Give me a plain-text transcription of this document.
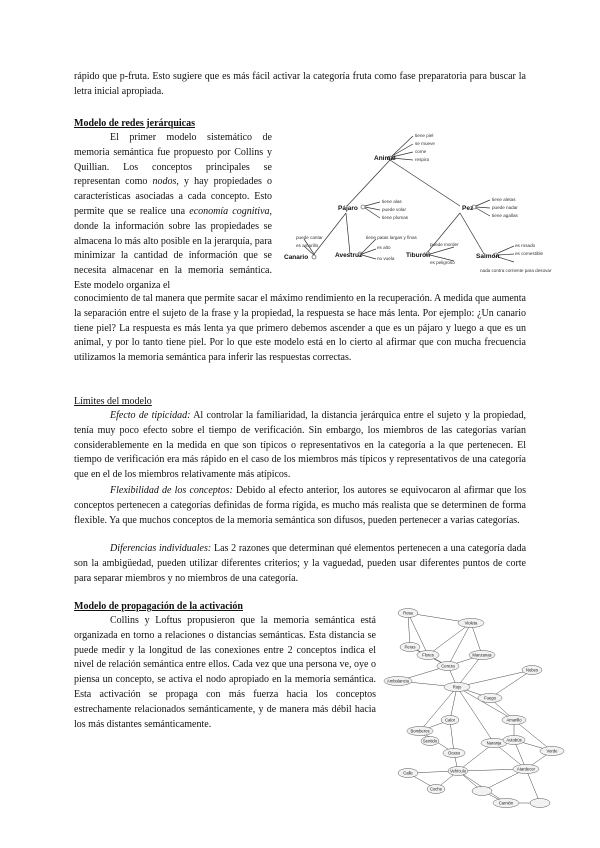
rápido que p-fruta. Esto sugiere que es más fácil activar la categoría fruta como fase preparatoria para buscar la letra inicial apropiada.

Modelo de redes jerárquicas

El primer modelo sistemático de memoria semántica fue propuesto por Collins y Quillian. Los conceptos principales se representan como nodos, y hay propiedades o características asociadas a cada concepto. Esto permite que se realice una economía cognitiva, donde la información sobre las propiedades se almacena lo más alto posible en la jerarquía, para minimizar la cantidad de información que se necesita almacenar en la memoria semántica. Este modelo organiza el

conocimiento de tal manera que permite sacar el máximo rendimiento en la recuperación. A medida que aumenta la separación entre el sujeto de la frase y la propiedad, la respuesta se hace más lenta. Por ejemplo: ¿Un canario tiene piel? La respuesta es más lenta ya que primero debemos ascender a que es un pájaro y luego a que es un animal, y por lo tanto tiene piel. Por lo que este modelo está en lo cierto al afirmar que con mucha frecuencia utilizamos la memoria semántica para inferir las respuestas correctas.

Animal
Pájaro	Pez
Canario	Avestruz	Tiburón	Salmón
tiene piel
se mueve
come
respira
tiene alas
puede volar
tiene plumas
tiene aletas
puede nadar
tiene agallas
puede cantar
es amarillo
tiene patas largas y finas
es alto
no vuela
puede morder
es peligroso
es rosado
es comestible
nada contra corriente para desovar

Límites del modelo

Efecto de tipicidad: Al controlar la familiaridad, la distancia jerárquica entre el sujeto y la propiedad, tenía muy poco efecto sobre el tiempo de verificación. Sin embargo, los miembros de las categorías varían considerablemente en la medida en que son típicos o representativos en la categoría a la que pertenecen. El tiempo de verificación era más rápido en el caso de los miembros más típicos y representativos de una categoría que en el de los miembros relativamente más atípicos.

Flexibilidad de los conceptos: Debido al efecto anterior, los autores se equivocaron al afirmar que los conceptos pertenecen a categorías definidas de forma rígida, es mucho más realista que se determinen de forma flexible. Ya que muchos conceptos de la memoria semántica son difusos, pueden pertenecer a varias categorías.

Diferencias individuales: Las 2 razones que determinan qué elementos pertenecen a una categoría dada son la ambigüedad, pueden utilizar diferentes criterios; y la vaguedad, pueden usar diferentes puntos de corte para separar miembros y no miembros de una categoría.

Modelo de propagación de la activación

Collins y Loftus propusieron que la memoria semántica está organizada en torno a relaciones o distancias semánticas. Esta distancia se puede medir y la longitud de las conexiones entre 2 conceptos indica el nivel de relación semántica entre ellos. Cada vez que una persona ve, oye o piensa un concepto, se activa el nodo apropiado en la memoria semántica. Esta activación se propaga con más fuerza hacia los conceptos estrechamente relacionados semánticamente, y de manera más débil hacia los más distantes semánticamente.

Rosa
Cereza
Violeta
Flores
Peras
Manzanas
Ambulancia
Sentido
Fuego
Calor
Bomberos
Rojo
Ocaso
Amarillo
Verde
Naranja
Autobús
Atardecer
Vehículo
Calle
Coche
Camión
Nubes
